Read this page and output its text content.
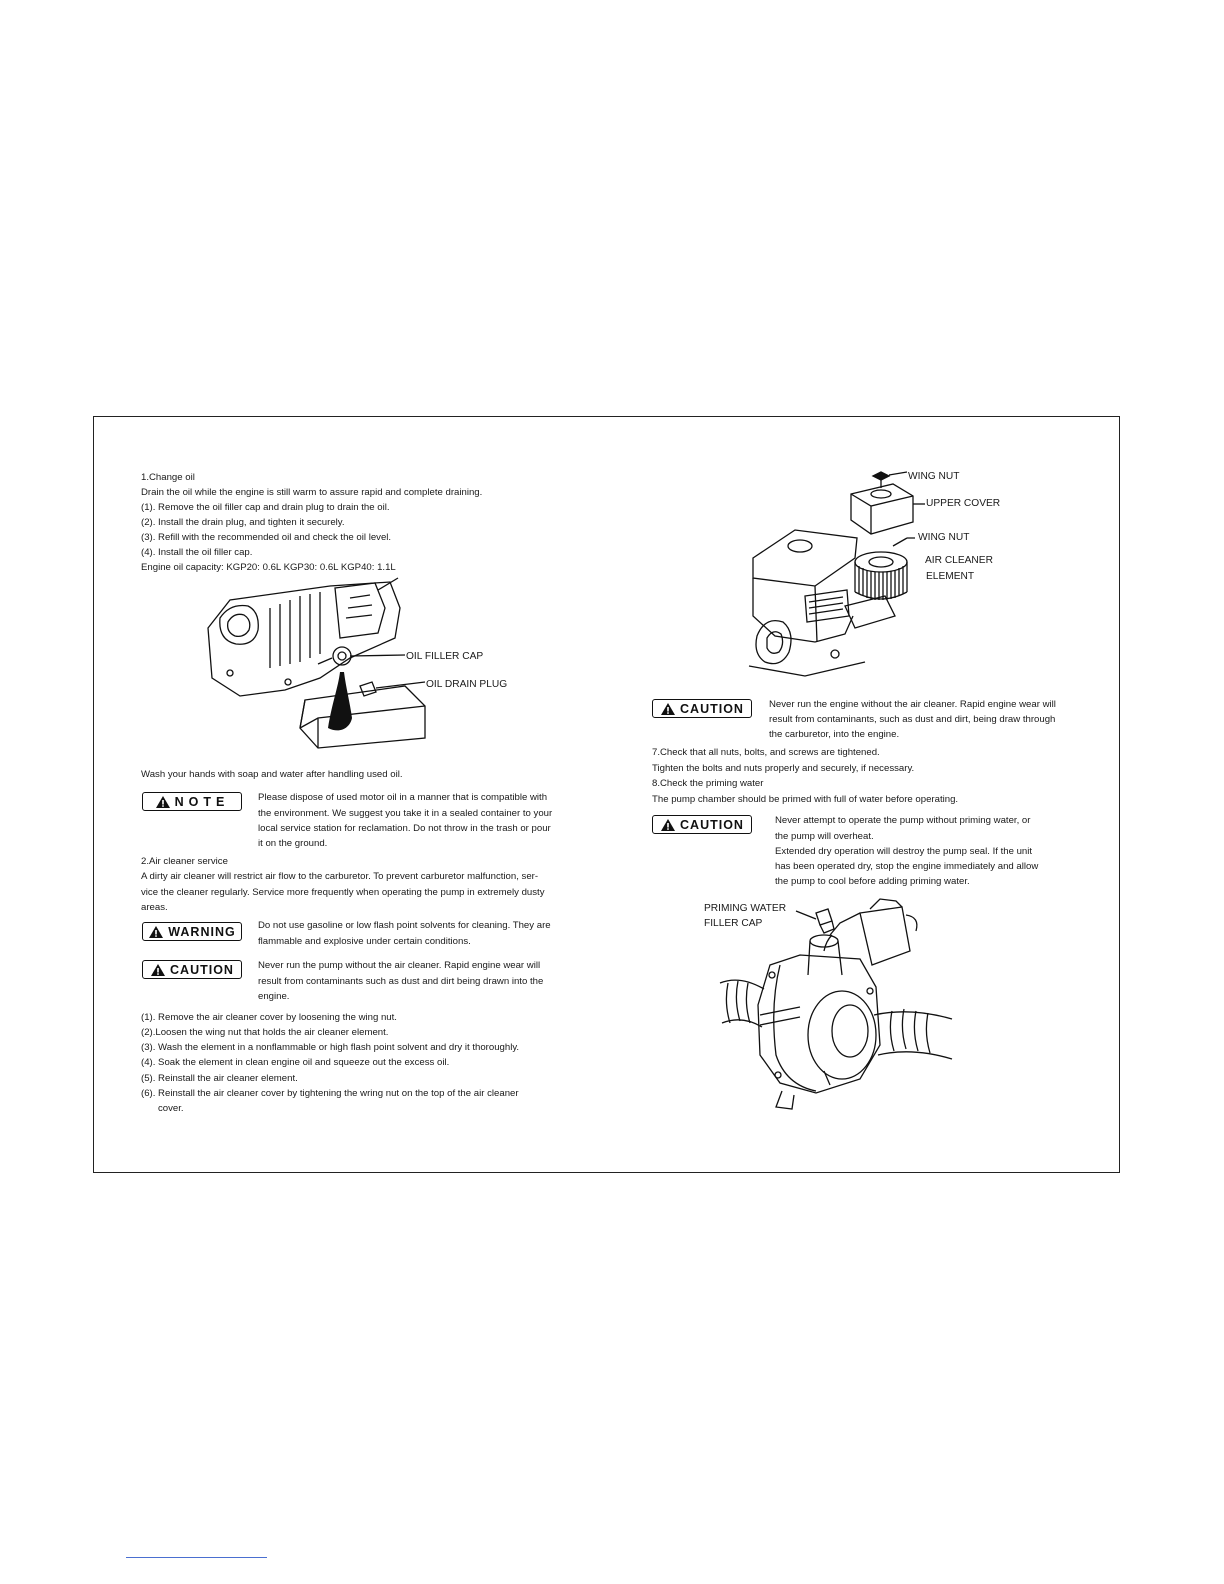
1.Change oil
Drain the oil while the engine is still warm to assure rapid and complete draining.
(1). Remove the oil filler cap and drain plug to drain the oil.
(2). Install the drain plug, and tighten it securely.
(3). Refill with the recommended oil and check the oil level.
(4). Install the oil filler cap.
Engine oil capacity: KGP20: 0.6L KGP30: 0.6L KGP40: 1.1L
OIL FILLER CAP
OIL DRAIN PLUG
Wash your hands with soap and water after handling used oil.
NOTE	Please dispose of used motor oil in a manner that is compatible with
the environment. We suggest you take it in a sealed container to your
local service station for reclamation. Do not throw in the trash or pour
it on the ground.
2.Air cleaner service
A dirty air cleaner will restrict air flow to the carburetor. To prevent carburetor malfunction, ser-
vice the cleaner regularly. Service more frequently when operating the pump in extremely dusty
areas.
WARNING Do not use gasoline or low flash point solvents for cleaning. They are
flammable and explosive under certain conditions.
CAUTION	Never run the pump without the air cleaner. Rapid engine wear will
result from contaminants such as dust and dirt being drawn into the
engine.
(1). Remove the air cleaner cover by loosening the wing nut.
(2).Loosen the wing nut that holds the air cleaner element.
(3). Wash the element in a nonflammable or high flash point solvent and dry it thoroughly.
(4). Soak the element in clean engine oil and squeeze out the excess oil.
(5). Reinstall the air cleaner element.
(6). Reinstall the air cleaner cover by tightening the wring nut on the top of the air cleaner
cover.
WING NUT
UPPER COVER
WING NUT
AIR CLEANER
ELEMENT
CAUTION	Never run the engine without the air cleaner. Rapid engine wear will
result from contaminants, such as dust and dirt, being draw through
the carburetor, into the engine.
7.Check that all nuts, bolts, and screws are tightened.
Tighten the bolts and nuts properly and securely, if necessary.
8.Check the priming water
The pump chamber should be primed with full of water before operating.
CAUTION	Never attempt to operate the pump without priming water, or
the pump will overheat.
Extended dry operation will destroy the pump seal. If the unit
has been operated dry, stop the engine immediately and allow
the pump to cool before adding priming water.
PRIMING WATER
FILLER CAP
